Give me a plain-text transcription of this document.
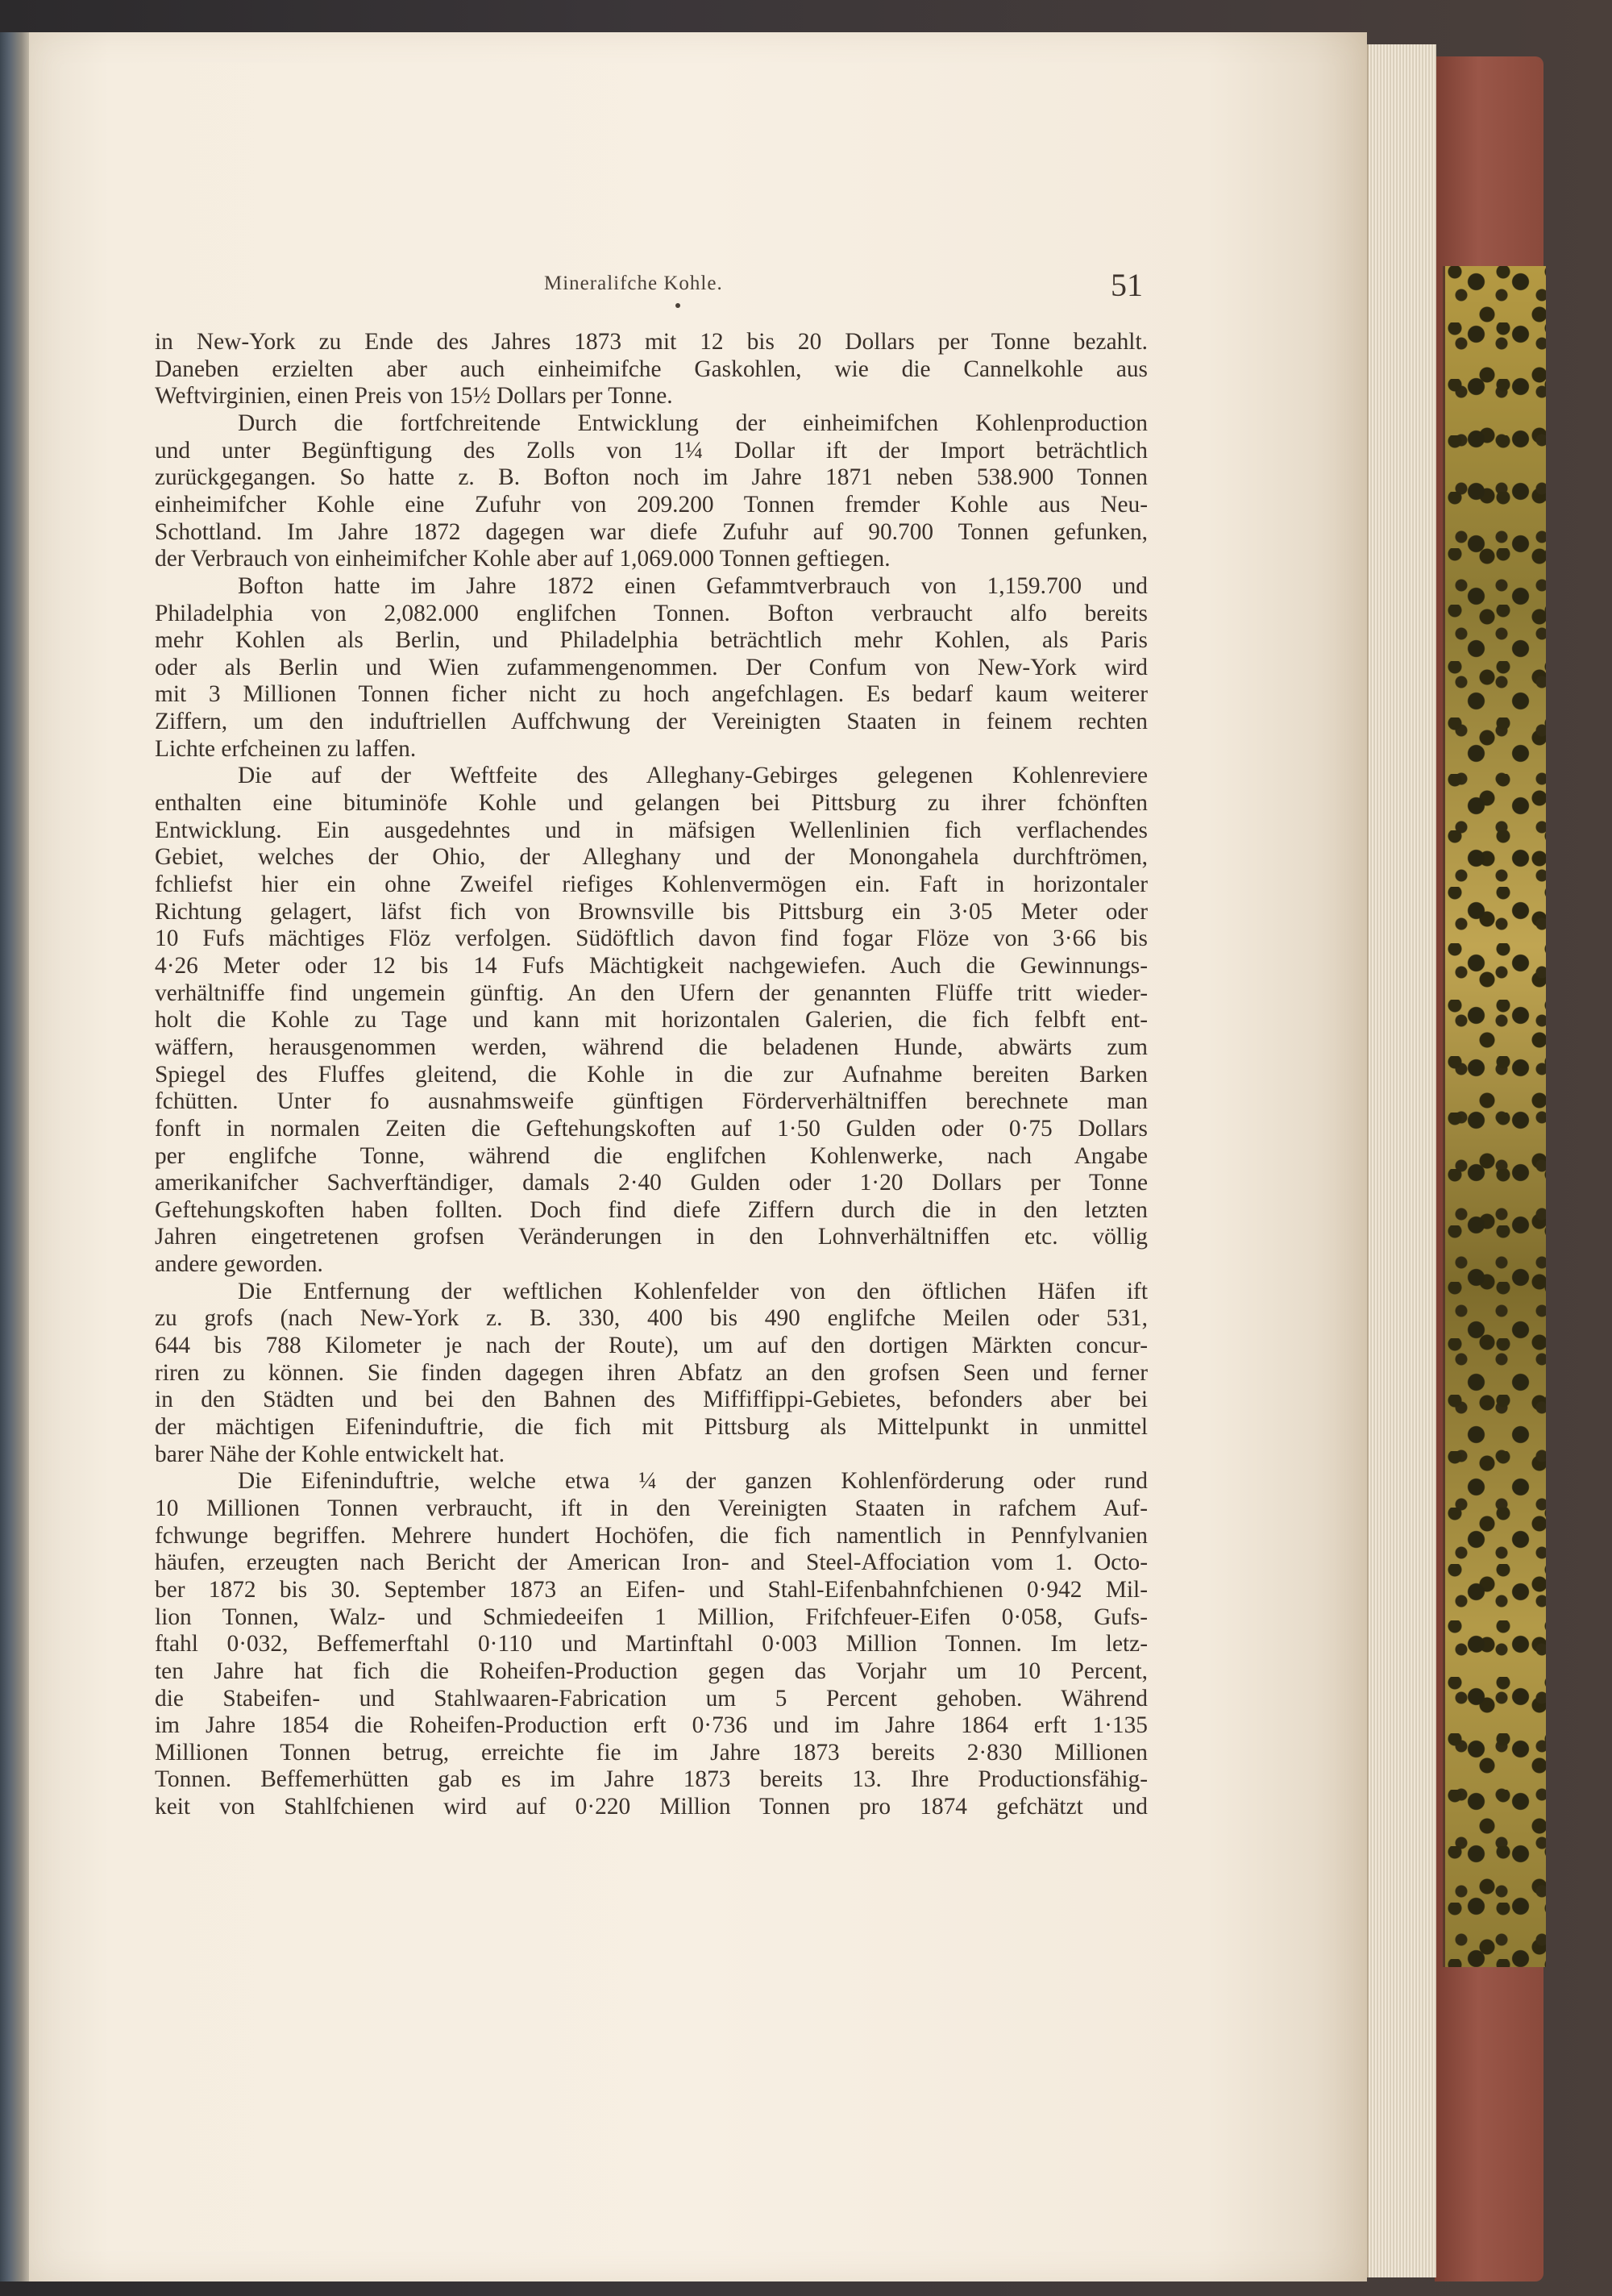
Mineralifche Kohle.	51
in New-York zu Ende des Jahres 1873 mit 12 bis 20 Dollars per Tonne bezahlt.
Daneben erzielten aber auch einheimifche Gaskohlen, wie die Cannelkohle aus
Weftvirginien, einen Preis von 15½ Dollars per Tonne.
Durch die fortfchreitende Entwicklung der einheimifchen Kohlenproduction
und unter Begünftigung des Zolls von 1¼ Dollar ift der Import beträchtlich
zurückgegangen. So hatte z. B. Bofton noch im Jahre 1871 neben 538.900 Tonnen
einheimifcher Kohle eine Zufuhr von 209.200 Tonnen fremder Kohle aus Neu-
Schottland. Im Jahre 1872 dagegen war diefe Zufuhr auf 90.700 Tonnen gefunken,
der Verbrauch von einheimifcher Kohle aber auf 1,069.000 Tonnen geftiegen.
Bofton hatte im Jahre 1872 einen Gefammtverbrauch von 1,159.700 und
Philadelphia von 2,082.000 englifchen Tonnen. Bofton verbraucht alfo bereits
mehr Kohlen als Berlin, und Philadelphia beträchtlich mehr Kohlen, als Paris
oder als Berlin und Wien zufammengenommen. Der Confum von New-York wird
mit 3 Millionen Tonnen ficher nicht zu hoch angefchlagen. Es bedarf kaum weiterer
Ziffern, um den induftriellen Auffchwung der Vereinigten Staaten in feinem rechten
Lichte erfcheinen zu laffen.
Die auf der Weftfeite des Alleghany-Gebirges gelegenen Kohlenreviere
enthalten eine bituminöfe Kohle und gelangen bei Pittsburg zu ihrer fchönften
Entwicklung. Ein ausgedehntes und in mäfsigen Wellenlinien fich verflachendes
Gebiet, welches der Ohio, der Alleghany und der Monongahela durchftrömen,
fchliefst hier ein ohne Zweifel riefiges Kohlenvermögen ein. Faft in horizontaler
Richtung gelagert, läfst fich von Brownsville bis Pittsburg ein 3·05 Meter oder
10 Fufs mächtiges Flöz verfolgen. Südöftlich davon find fogar Flöze von 3·66 bis
4·26 Meter oder 12 bis 14 Fufs Mächtigkeit nachgewiefen. Auch die Gewinnungs-
verhältniffe find ungemein günftig. An den Ufern der genannten Flüffe tritt wieder-
holt die Kohle zu Tage und kann mit horizontalen Galerien, die fich felbft ent-
wäffern, herausgenommen werden, während die beladenen Hunde, abwärts zum
Spiegel des Fluffes gleitend, die Kohle in die zur Aufnahme bereiten Barken
fchütten. Unter fo ausnahmsweife günftigen Förderverhältniffen berechnete man
fonft in normalen Zeiten die Geftehungskoften auf 1·50 Gulden oder 0·75 Dollars
per englifche Tonne, während die englifchen Kohlenwerke, nach Angabe
amerikanifcher Sachverftändiger, damals 2·40 Gulden oder 1·20 Dollars per Tonne
Geftehungskoften haben follten. Doch find diefe Ziffern durch die in den letzten
Jahren eingetretenen grofsen Veränderungen in den Lohnverhältniffen etc. völlig
andere geworden.
Die Entfernung der weftlichen Kohlenfelder von den öftlichen Häfen ift
zu grofs (nach New-York z. B. 330, 400 bis 490 englifche Meilen oder 531,
644 bis 788 Kilometer je nach der Route), um auf den dortigen Märkten concur-
riren zu können. Sie finden dagegen ihren Abfatz an den grofsen Seen und ferner
in den Städten und bei den Bahnen des Miffiffippi-Gebietes, befonders aber bei
der mächtigen Eifeninduftrie, die fich mit Pittsburg als Mittelpunkt in unmittel
barer Nähe der Kohle entwickelt hat.
Die Eifeninduftrie, welche etwa ¼ der ganzen Kohlenförderung oder rund
10 Millionen Tonnen verbraucht, ift in den Vereinigten Staaten in rafchem Auf-
fchwunge begriffen. Mehrere hundert Hochöfen, die fich namentlich in Pennfylvanien
häufen, erzeugten nach Bericht der American Iron- and Steel-Affociation vom 1. Octo-
ber 1872 bis 30. September 1873 an Eifen- und Stahl-Eifenbahnfchienen 0·942 Mil-
lion Tonnen, Walz- und Schmiedeeifen 1 Million, Frifchfeuer-Eifen 0·058, Gufs-
ftahl 0·032, Beffemerftahl 0·110 und Martinftahl 0·003 Million Tonnen. Im letz-
ten Jahre hat fich die Roheifen-Production gegen das Vorjahr um 10 Percent,
die Stabeifen- und Stahlwaaren-Fabrication um 5 Percent gehoben. Während
im Jahre 1854 die Roheifen-Production erft 0·736 und im Jahre 1864 erft 1·135
Millionen Tonnen betrug, erreichte fie im Jahre 1873 bereits 2·830 Millionen
Tonnen. Beffemerhütten gab es im Jahre 1873 bereits 13. Ihre Productionsfähig-
keit von Stahlfchienen wird auf 0·220 Million Tonnen pro 1874 gefchätzt und
